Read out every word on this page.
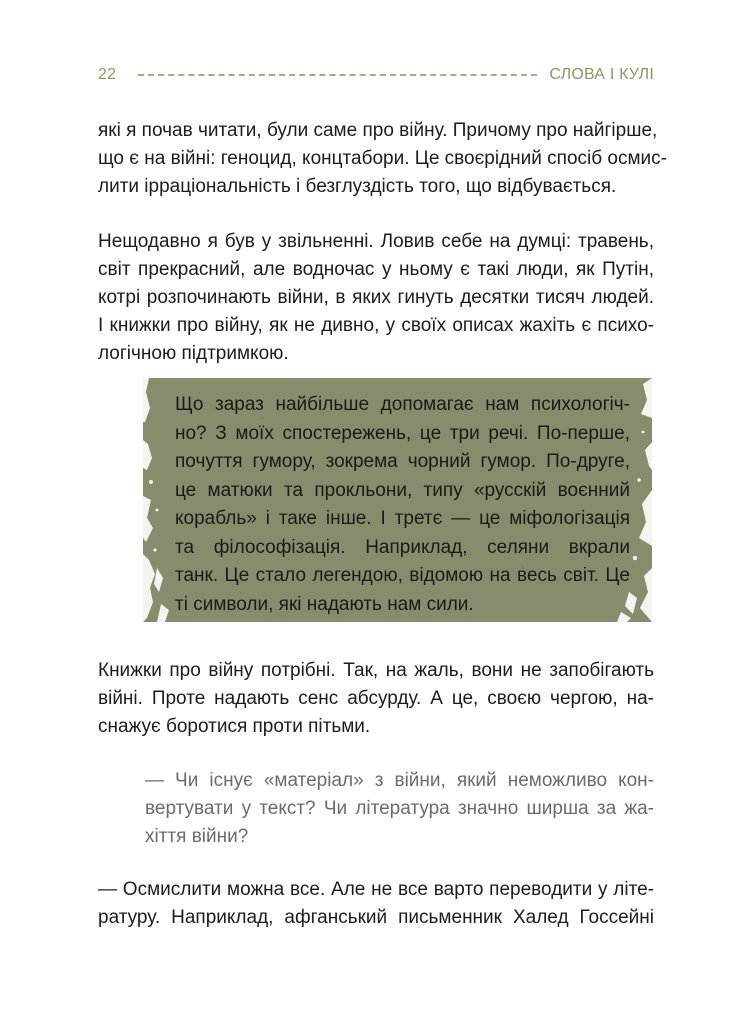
22	СЛОВА І КУЛІ
які я почав читати, були саме про війну. Причому про найгірше,
що є на війні: геноцид, концтабори. Це своєрідний спосіб осмис-
лити ірраціональність і безглуздість того, що відбувається.
Нещодавно я був у звільненні. Ловив себе на думці: травень,
світ прекрасний, але водночас у ньому є такі люди, як Путін,
котрі розпочинають війни, в яких гинуть десятки тисяч людей.
І книжки про війну, як не дивно, у своїх описах жахіть є психо-
логічною підтримкою.
Що зараз найбільше допомагає нам психологіч-
но? З моїх спостережень, це три речі. По-перше,
почуття гумору, зокрема чорний гумор. По-друге,
це матюки та прокльони, типу «русскій воєнний
корабль» і таке інше. І третє — це міфологізація
та філософізація. Наприклад, селяни вкрали
танк. Це стало легендою, відомою на весь світ. Це
ті символи, які надають нам сили.
Книжки про війну потрібні. Так, на жаль, вони не запобігають
війні. Проте надають сенс абсурду. А це, своєю чергою, на-
снажує боротися проти пітьми.
— Чи існує «матеріал» з війни, який неможливо кон-
вертувати у текст? Чи література значно ширша за жа-
хіття війни?
— Осмислити можна все. Але не все варто переводити у літе-
ратуру. Наприклад, афганський письменник Халед Госсейні
